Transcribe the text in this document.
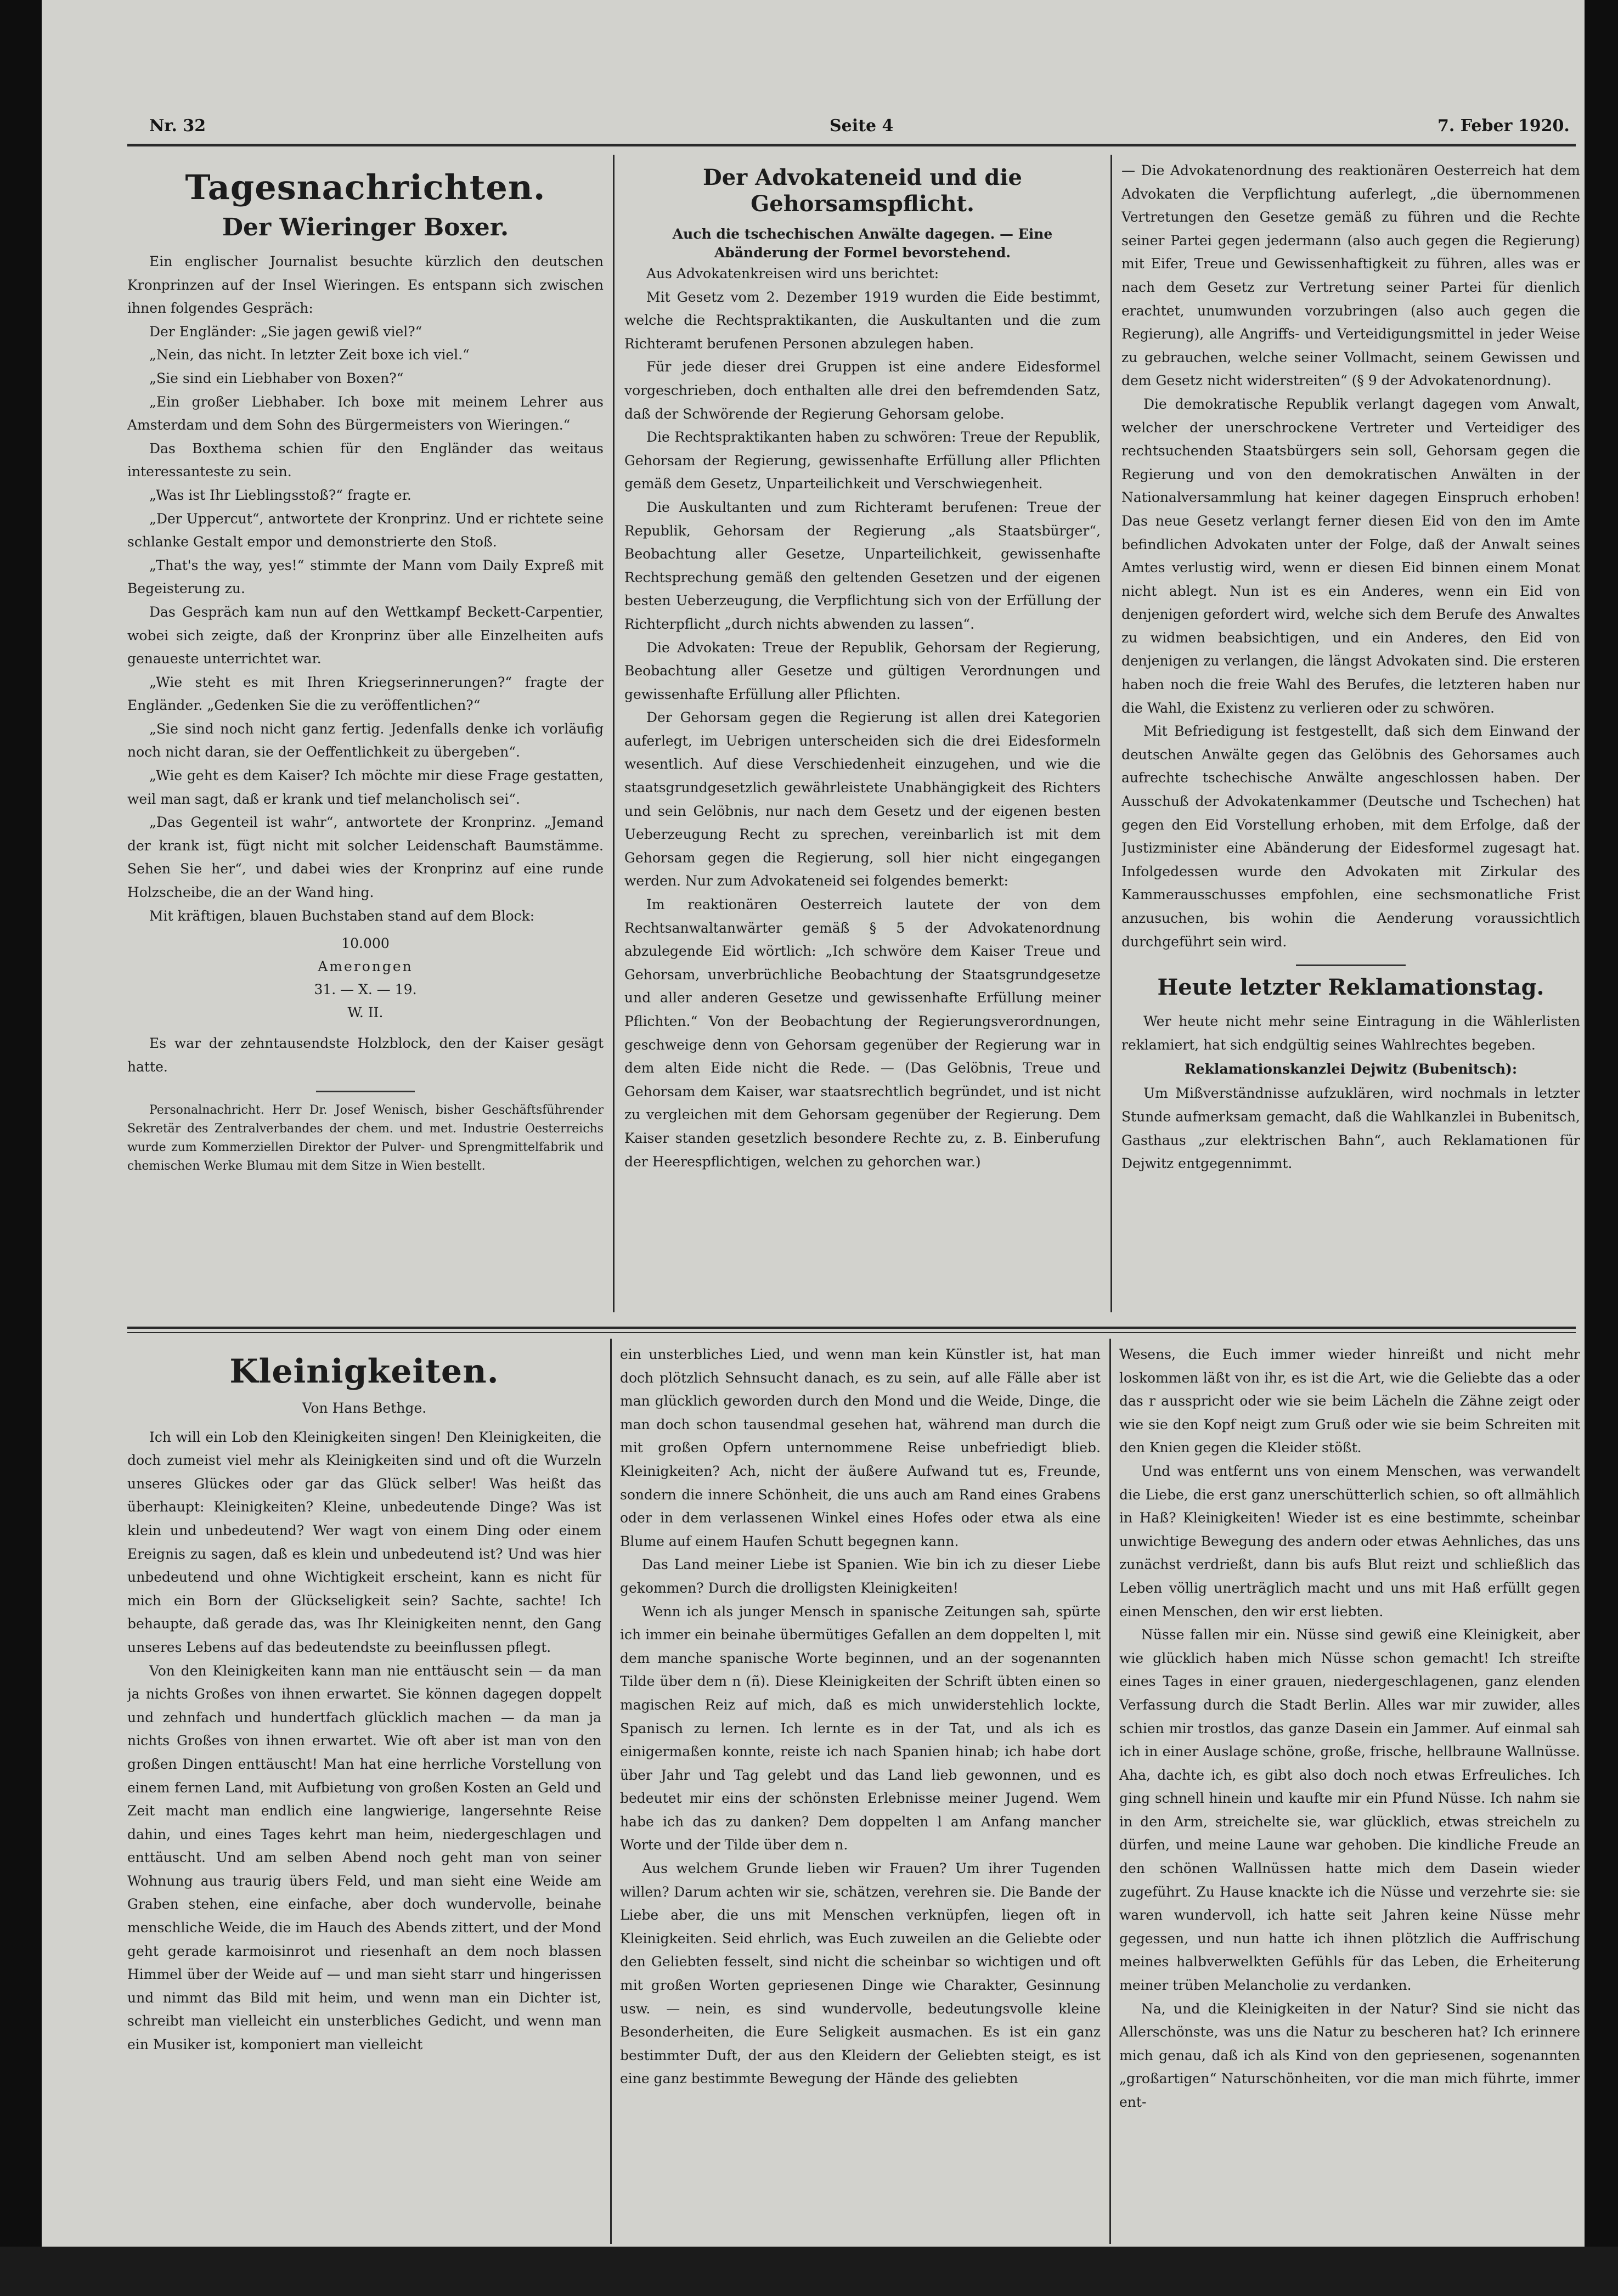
Nr. 32	Seite 4	7. Feber 1920.
Tagesnachrichten.
Der Wieringer Boxer.

Ein englischer Journalist besuchte kürzlich den deutschen Kronprinzen auf der Insel Wieringen. Es entspann sich zwischen ihnen folgendes Gespräch:

Der Engländer: „Sie jagen gewiß viel?“

„Nein, das nicht. In letzter Zeit boxe ich viel.“

„Sie sind ein Liebhaber von Boxen?“

„Ein großer Liebhaber. Ich boxe mit meinem Lehrer aus Amsterdam und dem Sohn des Bürgermeisters von Wieringen.“

Das Boxthema schien für den Engländer das weitaus interessanteste zu sein.

„Was ist Ihr Lieblingsstoß?“ fragte er.

„Der Uppercut“, antwortete der Kronprinz. Und er richtete seine schlanke Gestalt empor und demonstrierte den Stoß.

„That's the way, yes!“ stimmte der Mann vom Daily Expreß mit Begeisterung zu.

Das Gespräch kam nun auf den Wettkampf Beckett-Carpentier, wobei sich zeigte, daß der Kronprinz über alle Einzelheiten aufs genaueste unterrichtet war.

„Wie steht es mit Ihren Kriegserinnerungen?“ fragte der Engländer. „Gedenken Sie die zu veröffentlichen?“

„Sie sind noch nicht ganz fertig. Jedenfalls denke ich vorläufig noch nicht daran, sie der Oeffentlichkeit zu übergeben“.

„Wie geht es dem Kaiser? Ich möchte mir diese Frage gestatten, weil man sagt, daß er krank und tief melancholisch sei“.

„Das Gegenteil ist wahr“, antwortete der Kronprinz. „Jemand der krank ist, fügt nicht mit solcher Leidenschaft Baumstämme. Sehen Sie her“, und dabei wies der Kronprinz auf eine runde Holzscheibe, die an der Wand hing.

Mit kräftigen, blauen Buchstaben stand auf dem Block:

10.000
Amerongen
31. — X. — 19.
W. II.

Es war der zehntausendste Holzblock, den der Kaiser gesägt hatte.

Personalnachricht. Herr Dr. Josef Wenisch, bisher Geschäftsführender Sekretär des Zentralverbandes der chem. und met. Industrie Oesterreichs wurde zum Kommerziellen Direktor der Pulver- und Sprengmittelfabrik und chemischen Werke Blumau mit dem Sitze in Wien bestellt.

Der Advokateneid und die Gehorsamspflicht.
Auch die tschechischen Anwälte dagegen. — Eine Abänderung der Formel bevorstehend.

Aus Advokatenkreisen wird uns berichtet:

Mit Gesetz vom 2. Dezember 1919 wurden die Eide bestimmt, welche die Rechtspraktikanten, die Auskultanten und die zum Richteramt berufenen Personen abzulegen haben.

Für jede dieser drei Gruppen ist eine andere Eidesformel vorgeschrieben, doch enthalten alle drei den befremdenden Satz, daß der Schwörende der Regierung Gehorsam gelobe.

Die Rechtspraktikanten haben zu schwören: Treue der Republik, Gehorsam der Regierung, gewissenhafte Erfüllung aller Pflichten gemäß dem Gesetz, Unparteilichkeit und Verschwiegenheit.

Die Auskultanten und zum Richteramt berufenen: Treue der Republik, Gehorsam der Regierung „als Staatsbürger“, Beobachtung aller Gesetze, Unparteilichkeit, gewissenhafte Rechtsprechung gemäß den geltenden Gesetzen und der eigenen besten Ueberzeugung, die Verpflichtung sich von der Erfüllung der Richterpflicht „durch nichts abwenden zu lassen“.

Die Advokaten: Treue der Republik, Gehorsam der Regierung, Beobachtung aller Gesetze und gültigen Verordnungen und gewissenhafte Erfüllung aller Pflichten.

Der Gehorsam gegen die Regierung ist allen drei Kategorien auferlegt, im Uebrigen unterscheiden sich die drei Eidesformeln wesentlich. Auf diese Verschiedenheit einzugehen, und wie die staatsgrundgesetzlich gewährleistete Unabhängigkeit des Richters und sein Gelöbnis, nur nach dem Gesetz und der eigenen besten Ueberzeugung Recht zu sprechen, vereinbarlich ist mit dem Gehorsam gegen die Regierung, soll hier nicht eingegangen werden. Nur zum Advokateneid sei folgendes bemerkt:

Im reaktionären Oesterreich lautete der von dem Rechtsanwaltanwärter gemäß § 5 der Advokatenordnung abzulegende Eid wörtlich: „Ich schwöre dem Kaiser Treue und Gehorsam, unverbrüchliche Beobachtung der Staatsgrundgesetze und aller anderen Gesetze und gewissenhafte Erfüllung meiner Pflichten.“ Von der Beobachtung der Regierungsverordnungen, geschweige denn von Gehorsam gegenüber der Regierung war in dem alten Eide nicht die Rede. — (Das Gelöbnis, Treue und Gehorsam dem Kaiser, war staatsrechtlich begründet, und ist nicht zu vergleichen mit dem Gehorsam gegenüber der Regierung. Dem Kaiser standen gesetzlich besondere Rechte zu, z. B. Einberufung der Heerespflichtigen, welchen zu gehorchen war.)

— Die Advokatenordnung des reaktionären Oesterreich hat dem Advokaten die Verpflichtung auferlegt, „die übernommenen Vertretungen den Gesetze gemäß zu führen und die Rechte seiner Partei gegen jedermann (also auch gegen die Regierung) mit Eifer, Treue und Gewissenhaftigkeit zu führen, alles was er nach dem Gesetz zur Vertretung seiner Partei für dienlich erachtet, unumwunden vorzubringen (also auch gegen die Regierung), alle Angriffs- und Verteidigungsmittel in jeder Weise zu gebrauchen, welche seiner Vollmacht, seinem Gewissen und dem Gesetz nicht widerstreiten“ (§ 9 der Advokatenordnung).

Die demokratische Republik verlangt dagegen vom Anwalt, welcher der unerschrockene Vertreter und Verteidiger des rechtsuchenden Staatsbürgers sein soll, Gehorsam gegen die Regierung und von den demokratischen Anwälten in der Nationalversammlung hat keiner dagegen Einspruch erhoben! Das neue Gesetz verlangt ferner diesen Eid von den im Amte befindlichen Advokaten unter der Folge, daß der Anwalt seines Amtes verlustig wird, wenn er diesen Eid binnen einem Monat nicht ablegt. Nun ist es ein Anderes, wenn ein Eid von denjenigen gefordert wird, welche sich dem Berufe des Anwaltes zu widmen beabsichtigen, und ein Anderes, den Eid von denjenigen zu verlangen, die längst Advokaten sind. Die ersteren haben noch die freie Wahl des Berufes, die letzteren haben nur die Wahl, die Existenz zu verlieren oder zu schwören.

Mit Befriedigung ist festgestellt, daß sich dem Einwand der deutschen Anwälte gegen das Gelöbnis des Gehorsames auch aufrechte tschechische Anwälte angeschlossen haben. Der Ausschuß der Advokatenkammer (Deutsche und Tschechen) hat gegen den Eid Vorstellung erhoben, mit dem Erfolge, daß der Justizminister eine Abänderung der Eidesformel zugesagt hat. Infolgedessen wurde den Advokaten mit Zirkular des Kammerausschusses empfohlen, eine sechsmonatliche Frist anzusuchen, bis wohin die Aenderung voraussichtlich durchgeführt sein wird.

Heute letzter Reklamationstag.

Wer heute nicht mehr seine Eintragung in die Wählerlisten reklamiert, hat sich endgültig seines Wahlrechtes begeben.

Reklamationskanzlei Dejwitz (Bubenitsch):

Um Mißverständnisse aufzuklären, wird nochmals in letzter Stunde aufmerksam gemacht, daß die Wahlkanzlei in Bubenitsch, Gasthaus „zur elektrischen Bahn“, auch Reklamationen für Dejwitz entgegennimmt.

Kleinigkeiten.
Von Hans Bethge.

Ich will ein Lob den Kleinigkeiten singen! Den Kleinigkeiten, die doch zumeist viel mehr als Kleinigkeiten sind und oft die Wurzeln unseres Glückes oder gar das Glück selber! Was heißt das überhaupt: Kleinigkeiten? Kleine, unbedeutende Dinge? Was ist klein und unbedeutend? Wer wagt von einem Ding oder einem Ereignis zu sagen, daß es klein und unbedeutend ist? Und was hier unbedeutend und ohne Wichtigkeit erscheint, kann es nicht für mich ein Born der Glückseligkeit sein? Sachte, sachte! Ich behaupte, daß gerade das, was Ihr Kleinigkeiten nennt, den Gang unseres Lebens auf das bedeutendste zu beeinflussen pflegt.

Von den Kleinigkeiten kann man nie enttäuscht sein — da man ja nichts Großes von ihnen erwartet. Sie können dagegen doppelt und zehnfach und hundertfach glücklich machen — da man ja nichts Großes von ihnen erwartet. Wie oft aber ist man von den großen Dingen enttäuscht! Man hat eine herrliche Vorstellung von einem fernen Land, mit Aufbietung von großen Kosten an Geld und Zeit macht man endlich eine langwierige, langersehnte Reise dahin, und eines Tages kehrt man heim, niedergeschlagen und enttäuscht. Und am selben Abend noch geht man von seiner Wohnung aus traurig übers Feld, und man sieht eine Weide am Graben stehen, eine einfache, aber doch wundervolle, beinahe menschliche Weide, die im Hauch des Abends zittert, und der Mond geht gerade karmoisinrot und riesenhaft an dem noch blassen Himmel über der Weide auf — und man sieht starr und hingerissen und nimmt das Bild mit heim, und wenn man ein Dichter ist, schreibt man vielleicht ein unsterbliches Gedicht, und wenn man ein Musiker ist, komponiert man vielleicht

ein unsterbliches Lied, und wenn man kein Künstler ist, hat man doch plötzlich Sehnsucht danach, es zu sein, auf alle Fälle aber ist man glücklich geworden durch den Mond und die Weide, Dinge, die man doch schon tausendmal gesehen hat, während man durch die mit großen Opfern unternommene Reise unbefriedigt blieb. Kleinigkeiten? Ach, nicht der äußere Aufwand tut es, Freunde, sondern die innere Schönheit, die uns auch am Rand eines Grabens oder in dem verlassenen Winkel eines Hofes oder etwa als eine Blume auf einem Haufen Schutt begegnen kann.

Das Land meiner Liebe ist Spanien. Wie bin ich zu dieser Liebe gekommen? Durch die drolligsten Kleinigkeiten!

Wenn ich als junger Mensch in spanische Zeitungen sah, spürte ich immer ein beinahe übermütiges Gefallen an dem doppelten l, mit dem manche spanische Worte beginnen, und an der sogenannten Tilde über dem n (ñ). Diese Kleinigkeiten der Schrift übten einen so magischen Reiz auf mich, daß es mich unwiderstehlich lockte, Spanisch zu lernen. Ich lernte es in der Tat, und als ich es einigermaßen konnte, reiste ich nach Spanien hinab; ich habe dort über Jahr und Tag gelebt und das Land lieb gewonnen, und es bedeutet mir eins der schönsten Erlebnisse meiner Jugend. Wem habe ich das zu danken? Dem doppelten l am Anfang mancher Worte und der Tilde über dem n.

Aus welchem Grunde lieben wir Frauen? Um ihrer Tugenden willen? Darum achten wir sie, schätzen, verehren sie. Die Bande der Liebe aber, die uns mit Menschen verknüpfen, liegen oft in Kleinigkeiten. Seid ehrlich, was Euch zuweilen an die Geliebte oder den Geliebten fesselt, sind nicht die scheinbar so wichtigen und oft mit großen Worten gepriesenen Dinge wie Charakter, Gesinnung usw. — nein, es sind wundervolle, bedeutungsvolle kleine Besonderheiten, die Eure Seligkeit ausmachen. Es ist ein ganz bestimmter Duft, der aus den Kleidern der Geliebten steigt, es ist eine ganz bestimmte Bewegung der Hände des geliebten

Wesens, die Euch immer wieder hinreißt und nicht mehr loskommen läßt von ihr, es ist die Art, wie die Geliebte das a oder das r ausspricht oder wie sie beim Lächeln die Zähne zeigt oder wie sie den Kopf neigt zum Gruß oder wie sie beim Schreiten mit den Knien gegen die Kleider stößt.

Und was entfernt uns von einem Menschen, was verwandelt die Liebe, die erst ganz unerschütterlich schien, so oft allmählich in Haß? Kleinigkeiten! Wieder ist es eine bestimmte, scheinbar unwichtige Bewegung des andern oder etwas Aehnliches, das uns zunächst verdrießt, dann bis aufs Blut reizt und schließlich das Leben völlig unerträglich macht und uns mit Haß erfüllt gegen einen Menschen, den wir erst liebten.

Nüsse fallen mir ein. Nüsse sind gewiß eine Kleinigkeit, aber wie glücklich haben mich Nüsse schon gemacht! Ich streifte eines Tages in einer grauen, niedergeschlagenen, ganz elenden Verfassung durch die Stadt Berlin. Alles war mir zuwider, alles schien mir trostlos, das ganze Dasein ein Jammer. Auf einmal sah ich in einer Auslage schöne, große, frische, hellbraune Wallnüsse. Aha, dachte ich, es gibt also doch noch etwas Erfreuliches. Ich ging schnell hinein und kaufte mir ein Pfund Nüsse. Ich nahm sie in den Arm, streichelte sie, war glücklich, etwas streicheln zu dürfen, und meine Laune war gehoben. Die kindliche Freude an den schönen Wallnüssen hatte mich dem Dasein wieder zugeführt. Zu Hause knackte ich die Nüsse und verzehrte sie: sie waren wundervoll, ich hatte seit Jahren keine Nüsse mehr gegessen, und nun hatte ich ihnen plötzlich die Auffrischung meines halbverwelkten Gefühls für das Leben, die Erheiterung meiner trüben Melancholie zu verdanken.

Na, und die Kleinigkeiten in der Natur? Sind sie nicht das Allerschönste, was uns die Natur zu bescheren hat? Ich erinnere mich genau, daß ich als Kind von den gepriesenen, sogenannten „großartigen“ Naturschönheiten, vor die man mich führte, immer ent-
